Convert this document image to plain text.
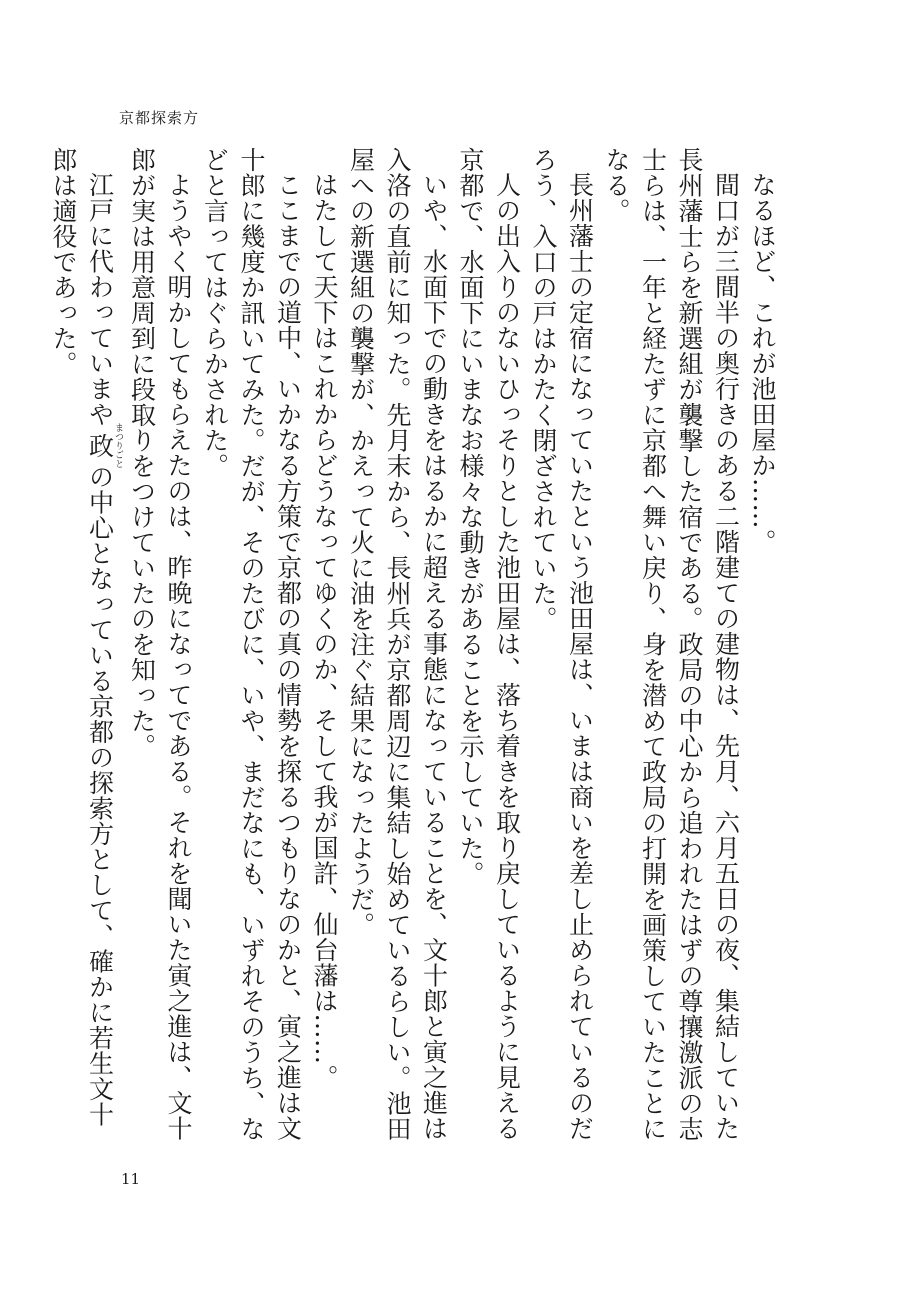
京都探索方

なるほど、これが池田屋か……。

間口が三間半の奥行きのある二階建ての建物は、先月、六月五日の夜、集結していた長州藩士らを新選組が襲撃した宿である。政局の中心から追われたはずの尊攘激派の志士らは、一年と経たずに京都へ舞い戻り、身を潜めて政局の打開を画策していたことになる。

長州藩士の定宿になっていたという池田屋は、いまは商いを差し止められているのだろう、入口の戸はかたく閉ざされていた。

人の出入りのないひっそりとした池田屋は、落ち着きを取り戻しているように見える京都で、水面下にいまなお様々な動きがあることを示していた。

いや、水面下での動きをはるかに超える事態になっていることを、文十郎と寅之進は入洛の直前に知った。先月末から、長州兵が京都周辺に集結し始めているらしい。池田屋への新選組の襲撃が、かえって火に油を注ぐ結果になったようだ。

はたして天下はこれからどうなってゆくのか、そして我が国許、仙台藩は……。

ここまでの道中、いかなる方策で京都の真の情勢を探るつもりなのかと、寅之進は文十郎に幾度か訊いてみた。だが、そのたびに、いや、まだなにも、いずれそのうち、などと言ってはぐらかされた。

ようやく明かしてもらえたのは、昨晩になってである。それを聞いた寅之進は、文十郎が実は用意周到に段取りをつけていたのを知った。

江戸に代わっていまや政まつりごとの中心となっている京都の探索方として、確かに若生文十郎は適役であった。

11
